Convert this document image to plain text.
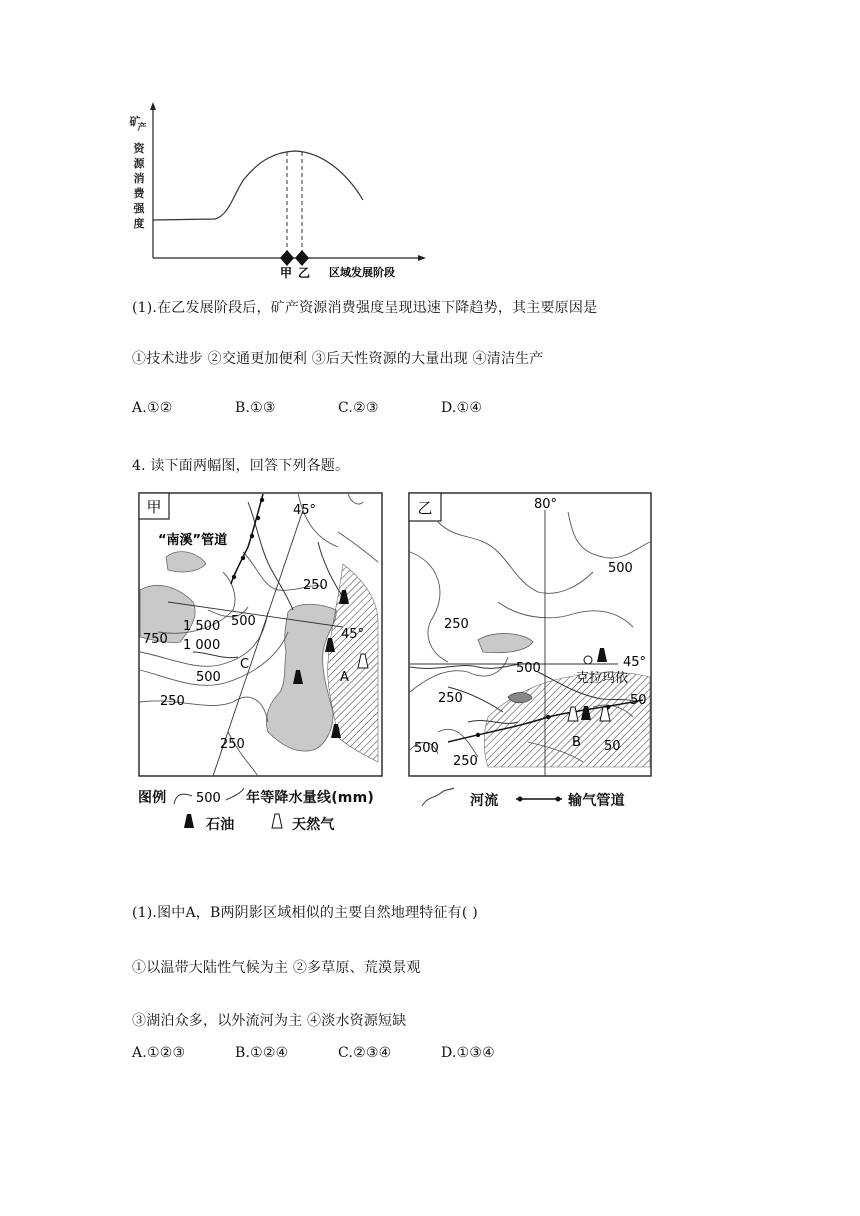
矿
产
资
源
消
费
强
度
甲 乙 区域发展阶段
(1).在乙发展阶段后，矿产资源消费强度呈现迅速下降趋势，其主要原因是
①技术进步 ②交通更加便利 ③后天性资源的大量出现 ④清洁生产
A.①②	B.①③	C.②③	D.①④
4. 读下面两幅图，回答下列各题。
甲
“南溪”管道
45°
45°
250
1 500
1 000
500
750
500
250
250
C
A
乙	80°
45°
克拉玛依
500
250
500
250
500
250
50
50
B
图例 500 年等降水量线(mm)	河流	输气管道
石油	天然气
(1).图中A，B两阴影区域相似的主要自然地理特征有( )
①以温带大陆性气候为主 ②多草原、荒漠景观
③湖泊众多，以外流河为主 ④淡水资源短缺
A.①②③	B.①②④	C.②③④	D.①③④
